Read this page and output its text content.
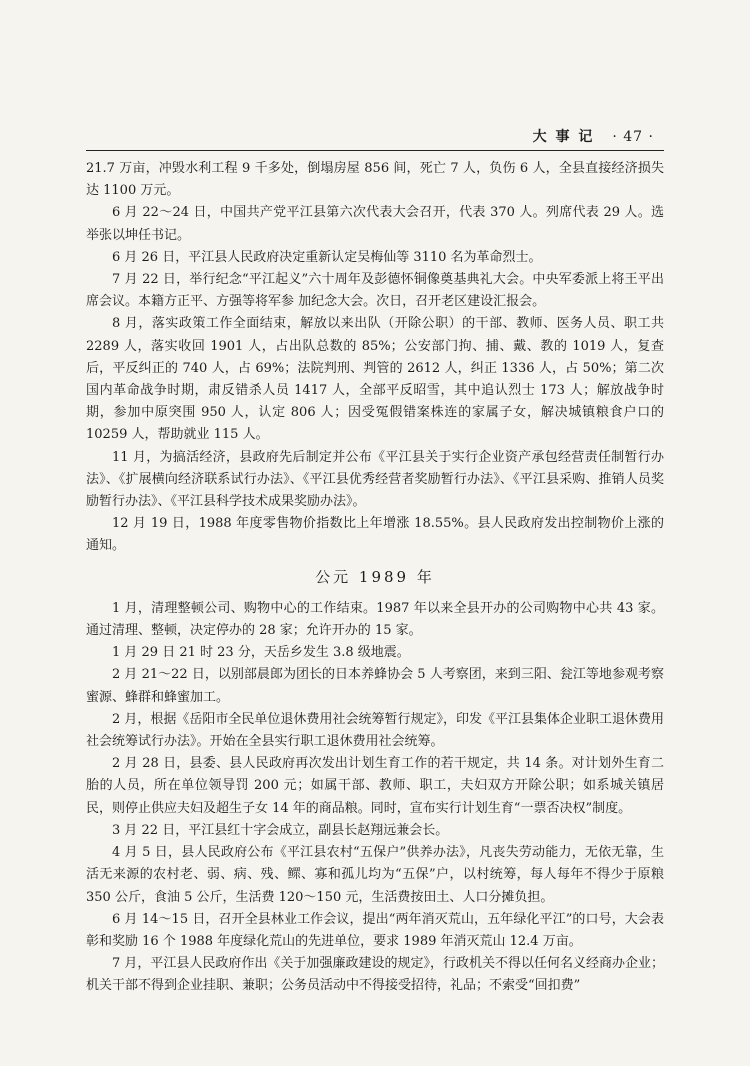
大 事 记 · 47 ·

21.7 万亩，冲毁水利工程 9 千多处，倒塌房屋 856 间，死亡 7 人，负伤 6 人，全县直接经济损失达 1100 万元。

6 月 22～24 日，中国共产党平江县第六次代表大会召开，代表 370 人。列席代表 29 人。选举张以坤任书记。

6 月 26 日，平江县人民政府决定重新认定吴梅仙等 3110 名为革命烈士。

7 月 22 日，举行纪念“平江起义”六十周年及彭德怀铜像奠基典礼大会。中央军委派上将王平出席会议。本籍方正平、方强等将军参 加纪念大会。次日，召开老区建设汇报会。

8 月，落实政策工作全面结束，解放以来出队（开除公职）的干部、教师、医务人员、职工共 2289 人，落实收回 1901 人，占出队总数的 85%；公安部门拘、捕、戴、教的 1019 人，复查后，平反纠正的 740 人，占 69%；法院判刑、判管的 2612 人，纠正 1336 人，占 50%；第二次国内革命战争时期，肃反错杀人员 1417 人，全部平反昭雪，其中追认烈士 173 人；解放战争时期，参加中原突围 950 人，认定 806 人；因受冤假错案株连的家属子女，解决城镇粮食户口的 10259 人，帮助就业 115 人。

11 月，为搞活经济，县政府先后制定并公布《平江县关于实行企业资产承包经营责任制暂行办法》、《扩展横向经济联系试行办法》、《平江县优秀经营者奖励暂行办法》、《平江县采购、推销人员奖励暂行办法》、《平江县科学技术成果奖励办法》。

12 月 19 日，1988 年度零售物价指数比上年增涨 18.55%。县人民政府发出控制物价上涨的通知。

公元 1989 年

1 月，清理整顿公司、购物中心的工作结束。1987 年以来全县开办的公司购物中心共 43 家。通过清理、整顿，决定停办的 28 家；允许开办的 15 家。

1 月 29 日 21 时 23 分，天岳乡发生 3.8 级地震。

2 月 21～22 日，以别部晨郎为团长的日本养蜂协会 5 人考察团，来到三阳、瓮江等地参观考察蜜源、蜂群和蜂蜜加工。

2 月，根据《岳阳市全民单位退休费用社会统筹暂行规定》，印发《平江县集体企业职工退休费用社会统筹试行办法》。开始在全县实行职工退休费用社会统筹。

2 月 28 日，县委、县人民政府再次发出计划生育工作的若干规定，共 14 条。对计划外生育二胎的人员，所在单位领导罚 200 元；如属干部、教师、职工，夫妇双方开除公职；如系城关镇居民，则停止供应夫妇及超生子女 14 年的商品粮。同时，宣布实行计划生育“一票否决权”制度。

3 月 22 日，平江县红十字会成立，副县长赵翔远兼会长。

4 月 5 日，县人民政府公布《平江县农村“五保户”供养办法》，凡丧失劳动能力，无依无靠，生活无来源的农村老、弱、病、残、鳏、寡和孤儿均为“五保”户，以村统筹，每人每年不得少于原粮 350 公斤，食油 5 公斤，生活费 120～150 元，生活费按田土、人口分摊负担。

6 月 14～15 日，召开全县林业工作会议，提出“两年消灭荒山，五年绿化平江”的口号，大会表彰和奖励 16 个 1988 年度绿化荒山的先进单位，要求 1989 年消灭荒山 12.4 万亩。

7 月，平江县人民政府作出《关于加强廉政建设的规定》，行政机关不得以任何名义经商办企业；机关干部不得到企业挂职、兼职；公务员活动中不得接受招待，礼品；不索受“回扣费”
